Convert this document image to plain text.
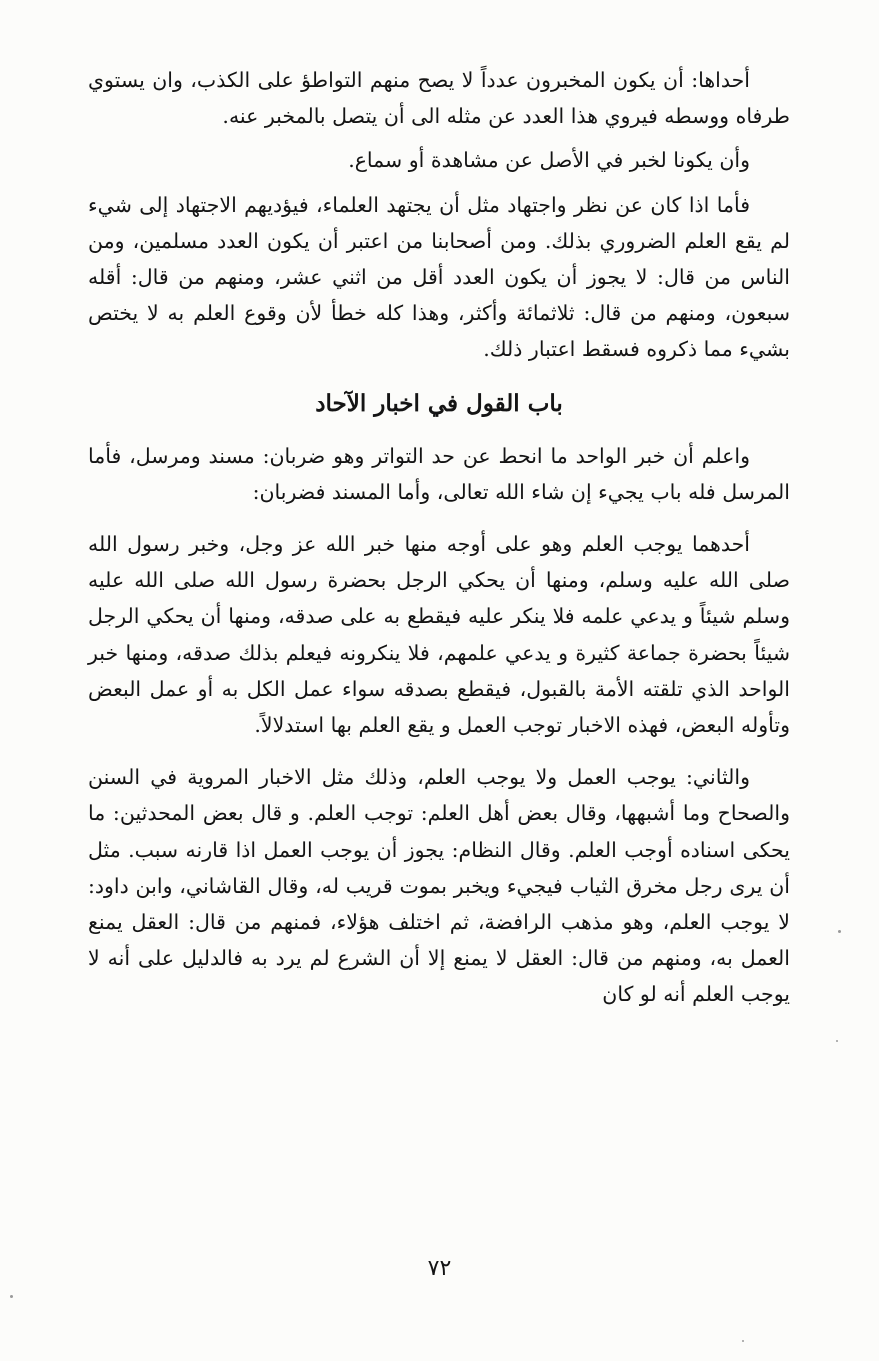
أحداها: أن يكون المخبرون عدداً لا يصح منهم التواطؤ على الكذب، وان يستوي طرفاه ووسطه فيروي هذا العدد عن مثله الى أن يتصل بالمخبر عنه.

وأن يكونا لخبر في الأصل عن مشاهدة أو سماع.

فأما اذا كان عن نظر واجتهاد مثل أن يجتهد العلماء، فيؤديهم الاجتهاد إلى شيء لم يقع العلم الضروري بذلك. ومن أصحابنا من اعتبر أن يكون العدد مسلمين، ومن الناس من قال: لا يجوز أن يكون العدد أقل من اثني عشر، ومنهم من قال: أقله سبعون، ومنهم من قال: ثلاثمائة وأكثر، وهذا كله خطأ لأن وقوع العلم به لا يختص بشيء مما ذكروه فسقط اعتبار ذلك.

باب القول في اخبار الآحاد

واعلم أن خبر الواحد ما انحط عن حد التواتر وهو ضربان: مسند ومرسل، فأما المرسل فله باب يجيء إن شاء الله تعالى، وأما المسند فضربان:

أحدهما يوجب العلم وهو على أوجه منها خبر الله عز وجل، وخبر رسول الله صلى الله عليه وسلم، ومنها أن يحكي الرجل بحضرة رسول الله صلى الله عليه وسلم شيئاً و يدعي علمه فلا ينكر عليه فيقطع به على صدقه، ومنها أن يحكي الرجل شيئاً بحضرة جماعة كثيرة و يدعي علمهم، فلا ينكرونه فيعلم بذلك صدقه، ومنها خبر الواحد الذي تلقته الأمة بالقبول، فيقطع بصدقه سواء عمل الكل به أو عمل البعض وتأوله البعض، فهذه الاخبار توجب العمل و يقع العلم بها استدلالاً.

والثاني: يوجب العمل ولا يوجب العلم، وذلك مثل الاخبار المروية في السنن والصحاح وما أشبهها، وقال بعض أهل العلم: توجب العلم. و قال بعض المحدثين: ما يحكى اسناده أوجب العلم. وقال النظام: يجوز أن يوجب العمل اذا قارنه سبب. مثل أن يرى رجل مخرق الثياب فيجيء ويخبر بموت قريب له، وقال القاشاني، وابن داود: لا يوجب العلم، وهو مذهب الرافضة، ثم اختلف هؤلاء، فمنهم من قال: العقل يمنع العمل به، ومنهم من قال: العقل لا يمنع إلا أن الشرع لم يرد به فالدليل على أنه لا يوجب العلم أنه لو كان

٧٢
